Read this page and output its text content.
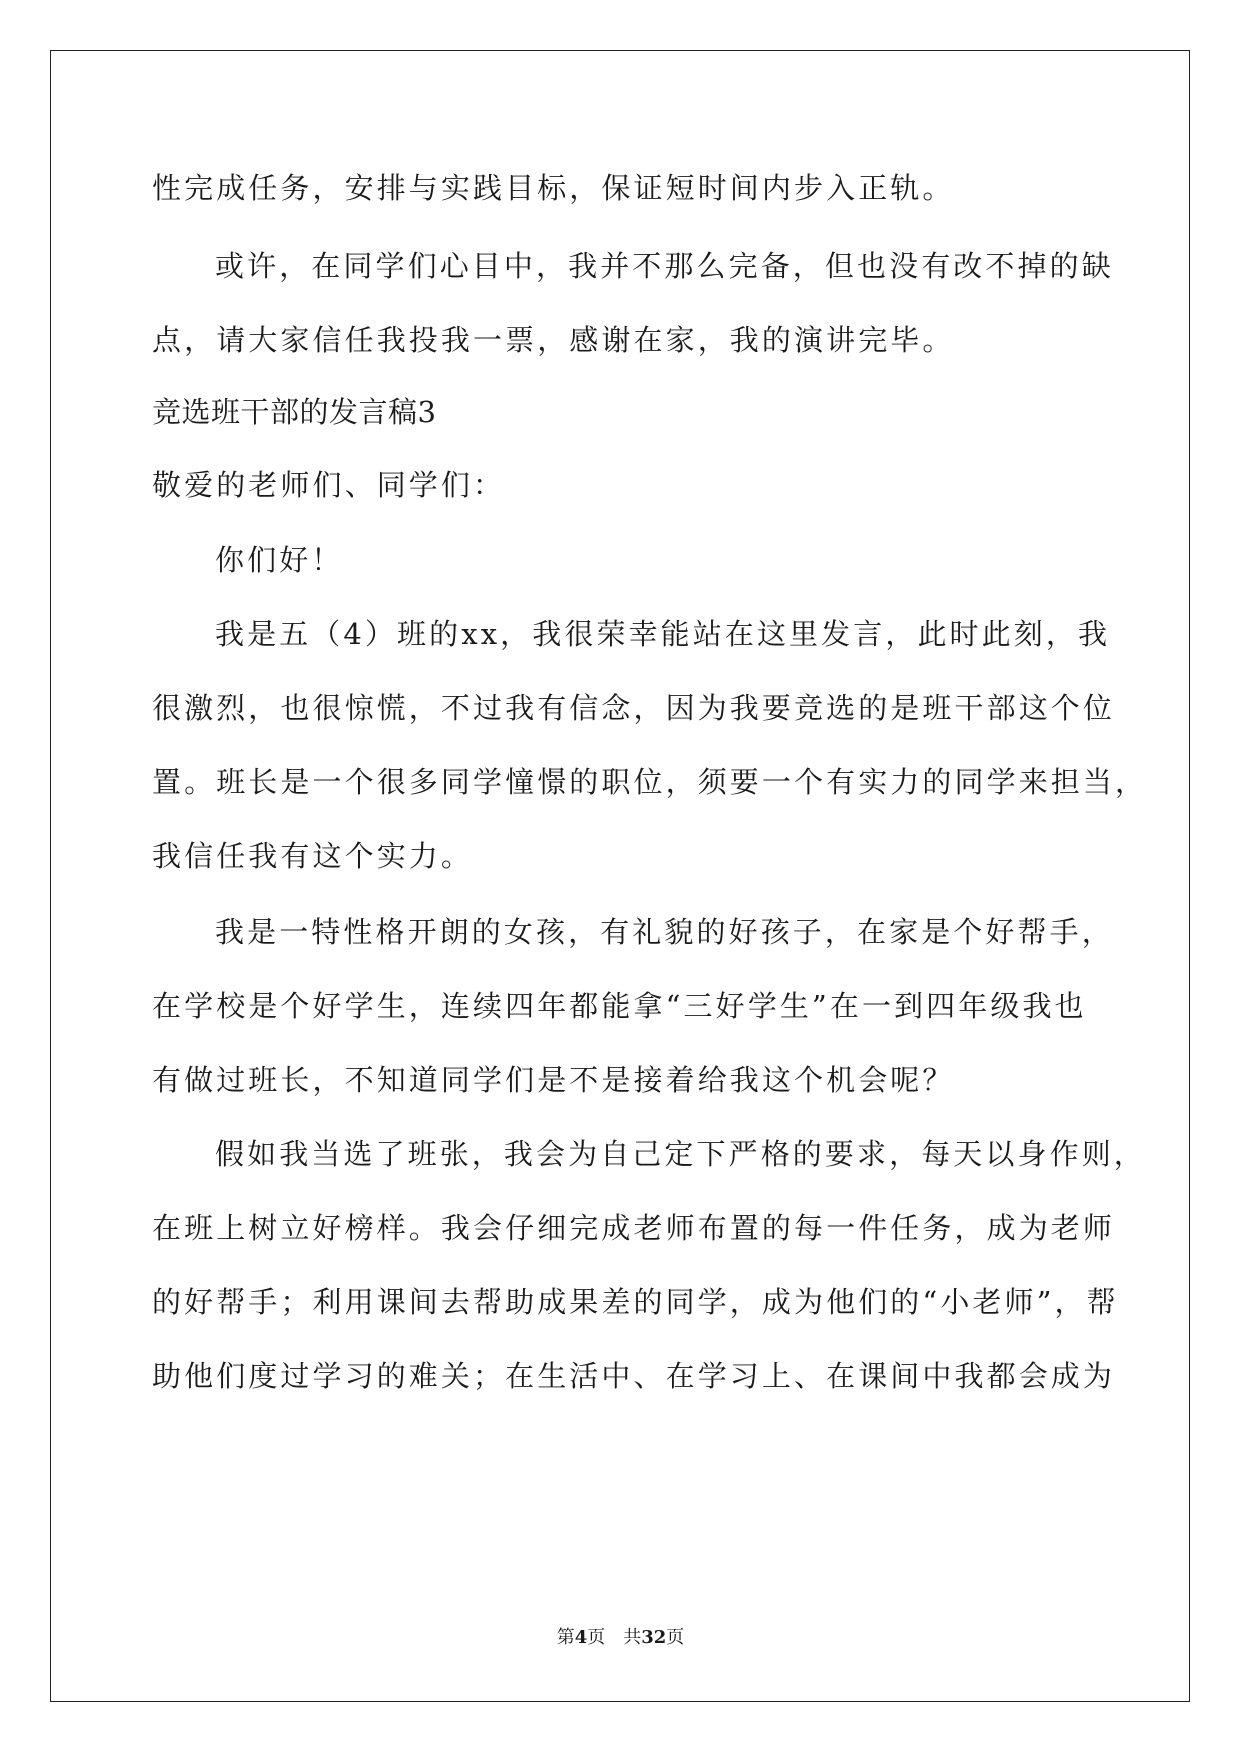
性完成任务，安排与实践目标，保证短时间内步入正轨。
或许，在同学们心目中，我并不那么完备，但也没有改不掉的缺
点，请大家信任我投我一票，感谢在家，我的演讲完毕。
竞选班干部的发言稿3
敬爱的老师们、同学们：
你们好！
我是五（4）班的xx，我很荣幸能站在这里发言，此时此刻，我
很激烈，也很惊慌，不过我有信念，因为我要竞选的是班干部这个位
置。班长是一个很多同学憧憬的职位，须要一个有实力的同学来担当，
我信任我有这个实力。
我是一特性格开朗的女孩，有礼貌的好孩子，在家是个好帮手，
在学校是个好学生，连续四年都能拿“三好学生”在一到四年级我也
有做过班长，不知道同学们是不是接着给我这个机会呢？
假如我当选了班张，我会为自己定下严格的要求，每天以身作则，
在班上树立好榜样。我会仔细完成老师布置的每一件任务，成为老师
的好帮手；利用课间去帮助成果差的同学，成为他们的“小老师”，帮
助他们度过学习的难关；在生活中、在学习上、在课间中我都会成为
第4页　共32页
